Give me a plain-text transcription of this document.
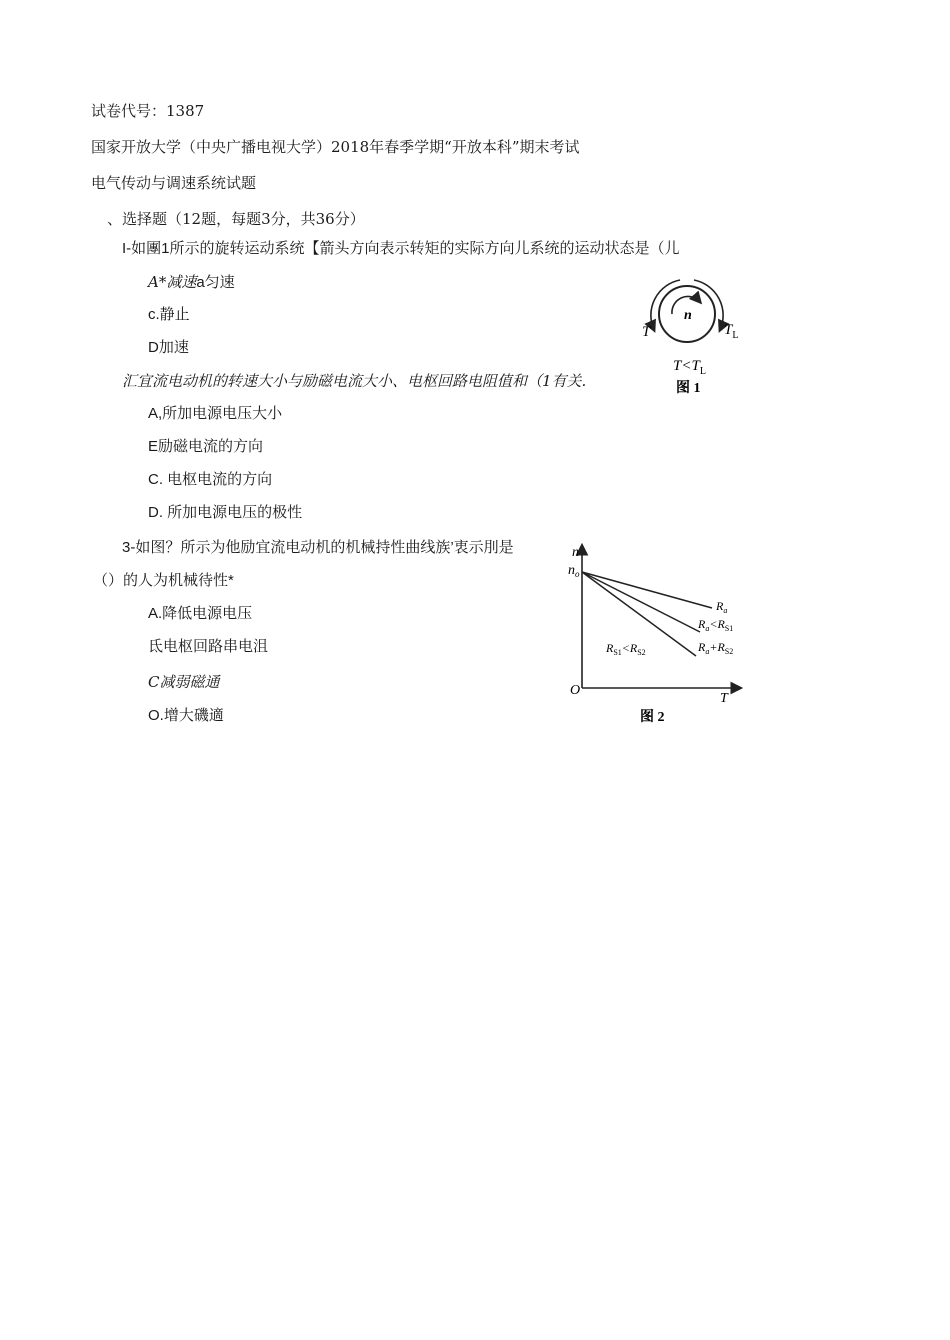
试卷代号：1387
国家开放大学（中央广播电视大学）2018年春季学期“开放本科”期末考试
电气传动与调速系统试题
、选择题（12题，每题3分，共36分）
I-如團1所示的旋转运动系统【箭头方向表示转矩的实际方向儿系统的运动状态是（儿
A*减速a匀速
c.静止
D加速
汇宜流电动机的转速大小与励磁电流大小、电枢回路电阻值和（1有关.
A,所加电源电压大小
E励磁电流的方向
C. 电枢电流的方向
D. 所加电源电压的极性
3-如图？所示为他励宜流电动机的机械持性曲线族’衷示刖是
（）的人为机械待性*
A.降低电源电压
氐电枢回路串电沮
C减弱磁通
O.增大磯適
n
T	$T_L$
$T<T_L$
图 1
n
$n_o$
O
T
$R_a$
$R_a<R_{S1}$
$R_a+R_{S2}$
$R_{S1}<R_{S2}$
图 2
